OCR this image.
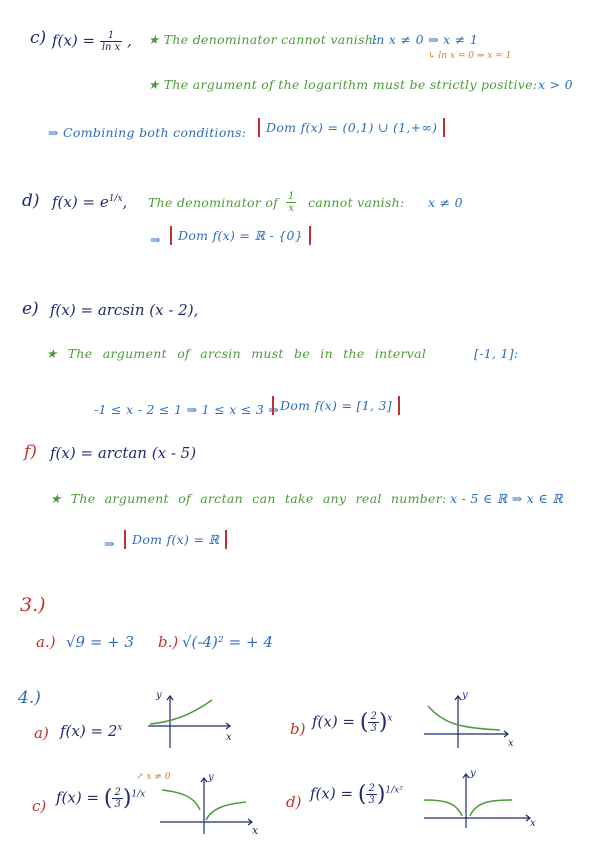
c) $f(x) = \frac{1}{\text{ln x}}$ , ★ The denominator cannot vanish:
ln x ≠ 0 ⇒ x ≠ 1
↳ ln x = 0 ⇒ x = 1
★ The argument of the logarithm must be strictly positive: x > 0
⇒ Combining both conditions:	Dom f(x) = (0,1) ∪ (1,+∞)
d) $f(x) = e^{1/x}$, The denominator of $\frac{1}{x}$ cannot vanish: x ≠ 0
⇒	Dom f(x) = ℝ - {0}
e) f(x) = arcsin (x - 2),
★ The argument of arcsin must be in the interval	[-1, 1]:
-1 ≤ x - 2 ≤ 1 ⇒ 1 ≤ x ≤ 3 ⇒ Dom f(x) = [1, 3]
f) f(x) = arctan (x - 5)
★ The argument of arctan can take any real number: x - 5 ∈ ℝ ⇒ x ∈ ℝ
⇒	Dom f(x) = ℝ
3.)
a.) √9 = + 3 b.) √(-4)² = + 4
4.)
a) $f(x) = 2^x$
x
y
b) f(x) = ( $\frac{2}{3} )^x$
x
y
c) f(x) = ( $\frac{2}{3} )^{1/x}$
↗ x ≠ 0
x
y
d) f(x) = ( $\frac{2}{3} )^{1/x^2}$
x
y
